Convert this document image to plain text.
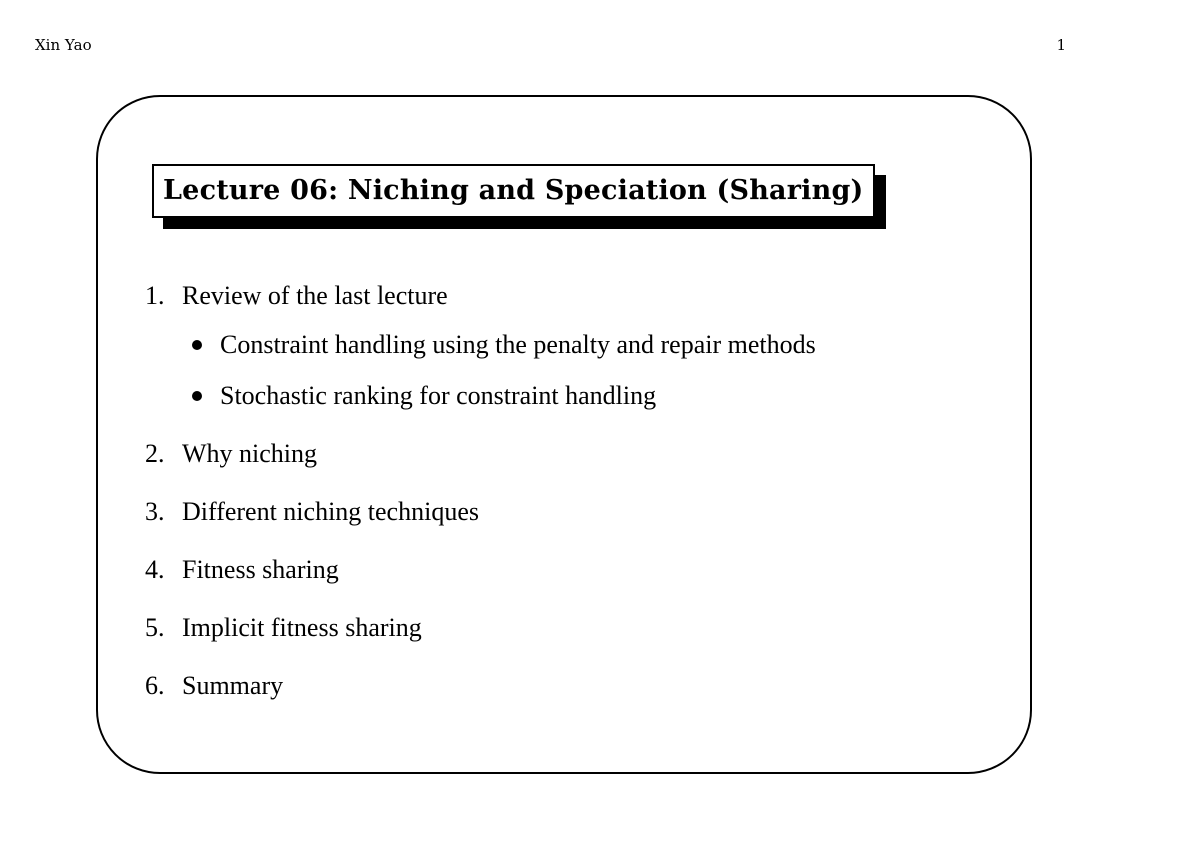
Xin Yao	1
Lecture 06: Niching and Speciation (Sharing)
1. Review of the last lecture
Constraint handling using the penalty and repair methods
Stochastic ranking for constraint handling
2. Why niching
3. Different niching techniques
4. Fitness sharing
5. Implicit fitness sharing
6. Summary
